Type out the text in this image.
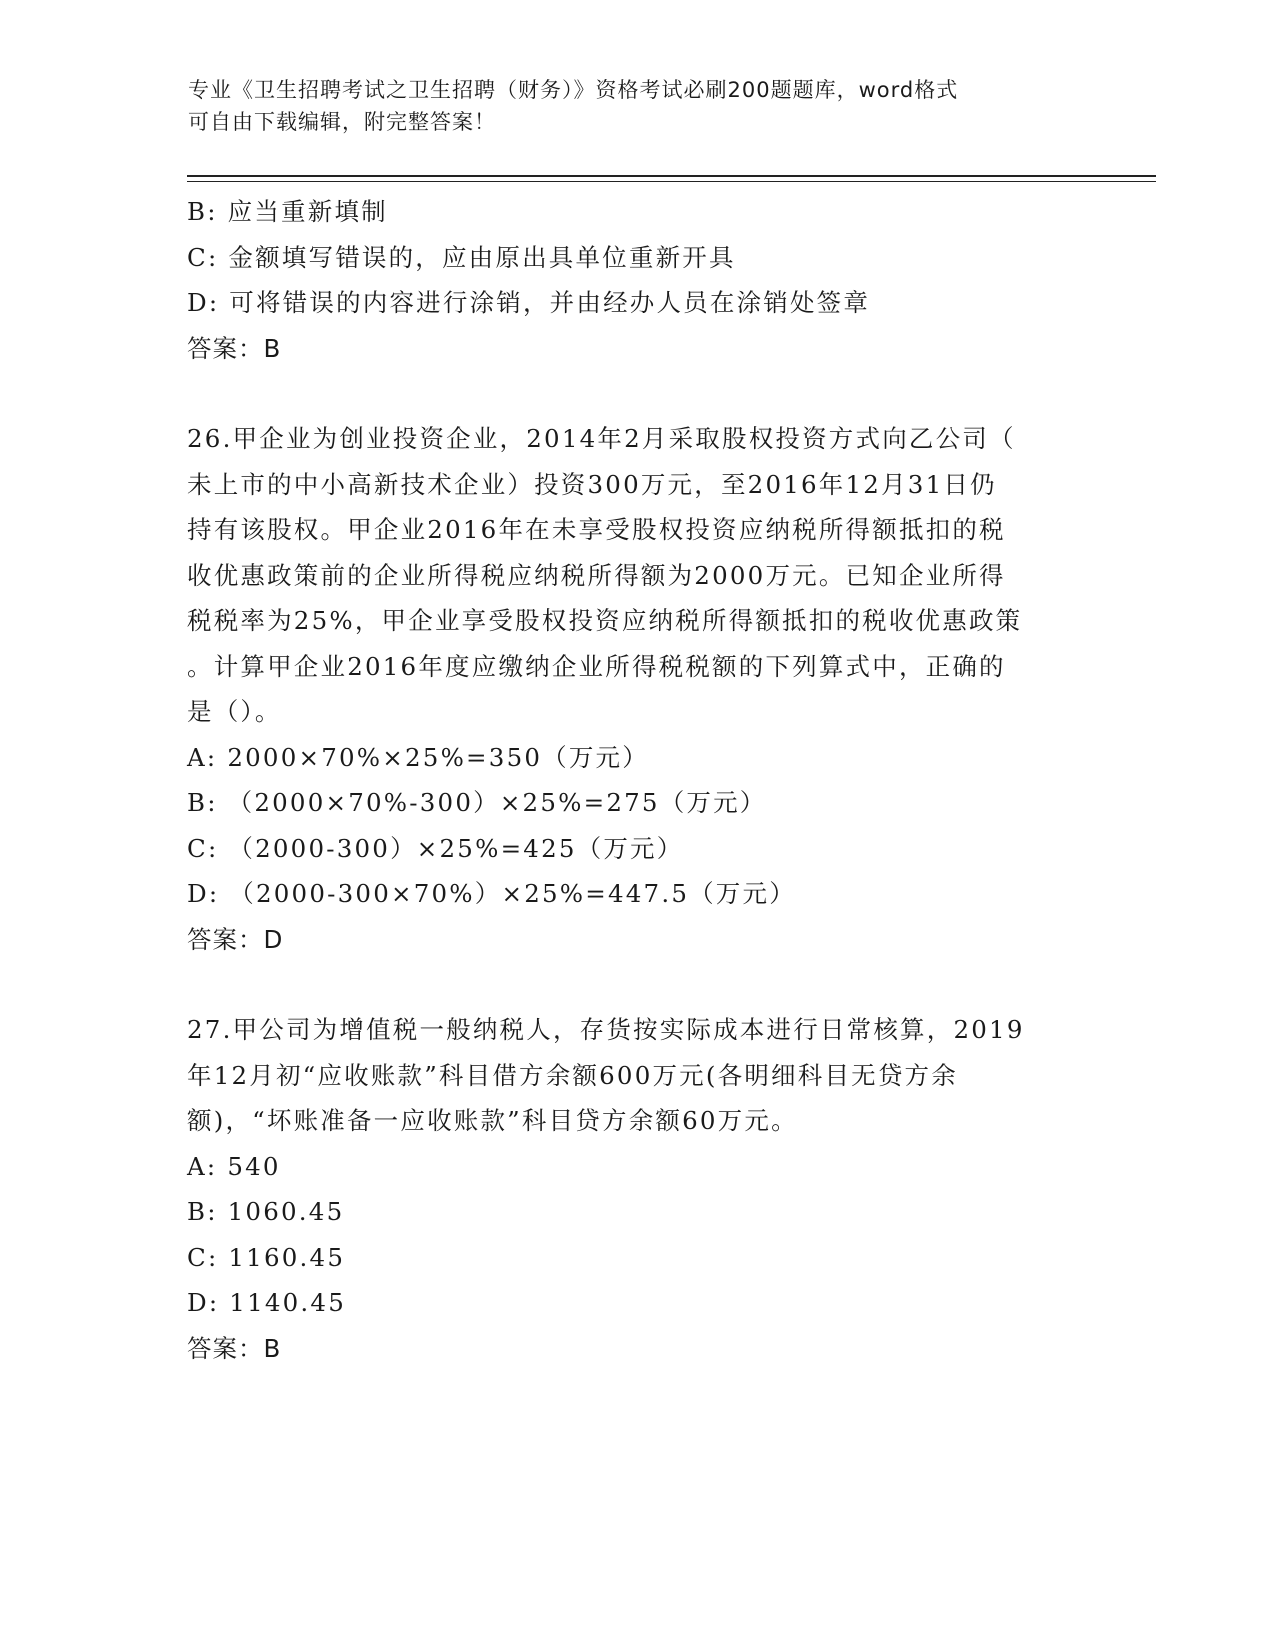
专业《卫生招聘考试之卫生招聘（财务）》资格考试必刷200题题库，word格式
可自由下载编辑，附完整答案！

B: 应当重新填制

C: 金额填写错误的，应由原出具单位重新开具

D: 可将错误的内容进行涂销，并由经办人员在涂销处签章

答案：B

26.甲企业为创业投资企业，2014年2月采取股权投资方式向乙公司（

未上市的中小高新技术企业）投资300万元，至2016年12月31日仍

持有该股权。甲企业2016年在未享受股权投资应纳税所得额抵扣的税

收优惠政策前的企业所得税应纳税所得额为2000万元。已知企业所得

税税率为25%，甲企业享受股权投资应纳税所得额抵扣的税收优惠政策

。计算甲企业2016年度应缴纳企业所得税税额的下列算式中，正确的

是（）。

A: 2000×70%×25%=350（万元）

B: （2000×70%-300）×25%=275（万元）

C: （2000-300）×25%=425（万元）

D: （2000-300×70%）×25%=447.5（万元）

答案：D

27.甲公司为增值税一般纳税人，存货按实际成本进行日常核算，2019

年12月初“应收账款”科目借方余额600万元(各明细科目无贷方余

额)，“坏账准备一应收账款”科目贷方余额60万元。

A: 540

B: 1060.45

C: 1160.45

D: 1140.45

答案：B
